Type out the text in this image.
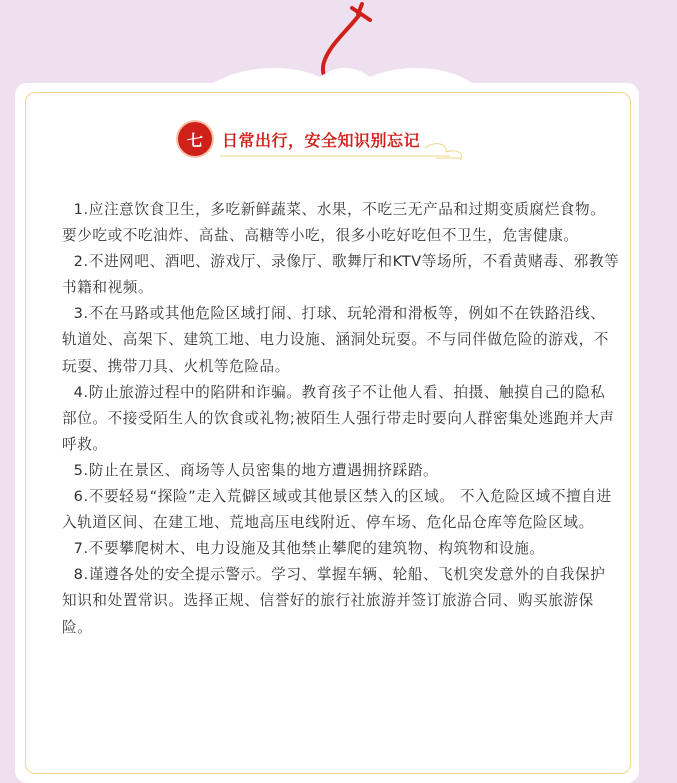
七	日常出行，安全知识别忘记

1.应注意饮食卫生，多吃新鲜蔬菜、水果，不吃三无产品和过期变质腐烂食物。要少吃或不吃油炸、高盐、高糖等小吃，很多小吃好吃但不卫生，危害健康。

2.不进网吧、酒吧、游戏厅、录像厅、歌舞厅和KTV等场所，不看黄赌毒、邪教等书籍和视频。

3.不在马路或其他危险区域打闹、打球、玩轮滑和滑板等，例如不在铁路沿线、轨道处、高架下、建筑工地、电力设施、涵洞处玩耍。不与同伴做危险的游戏，不玩耍、携带刀具、火机等危险品。

4.防止旅游过程中的陷阱和诈骗。教育孩子不让他人看、拍摄、触摸自己的隐私部位。不接受陌生人的饮食或礼物;被陌生人强行带走时要向人群密集处逃跑并大声呼救。

5.防止在景区、商场等人员密集的地方遭遇拥挤踩踏。

6.不要轻易“探险”走入荒僻区域或其他景区禁入的区域。 不入危险区域不擅自进入轨道区间、在建工地、荒地高压电线附近、停车场、危化品仓库等危险区域。

7.不要攀爬树木、电力设施及其他禁止攀爬的建筑物、构筑物和设施。

8.谨遵各处的安全提示警示。学习、掌握车辆、轮船、飞机突发意外的自我保护知识和处置常识。选择正规、信誉好的旅行社旅游并签订旅游合同、购买旅游保险。
